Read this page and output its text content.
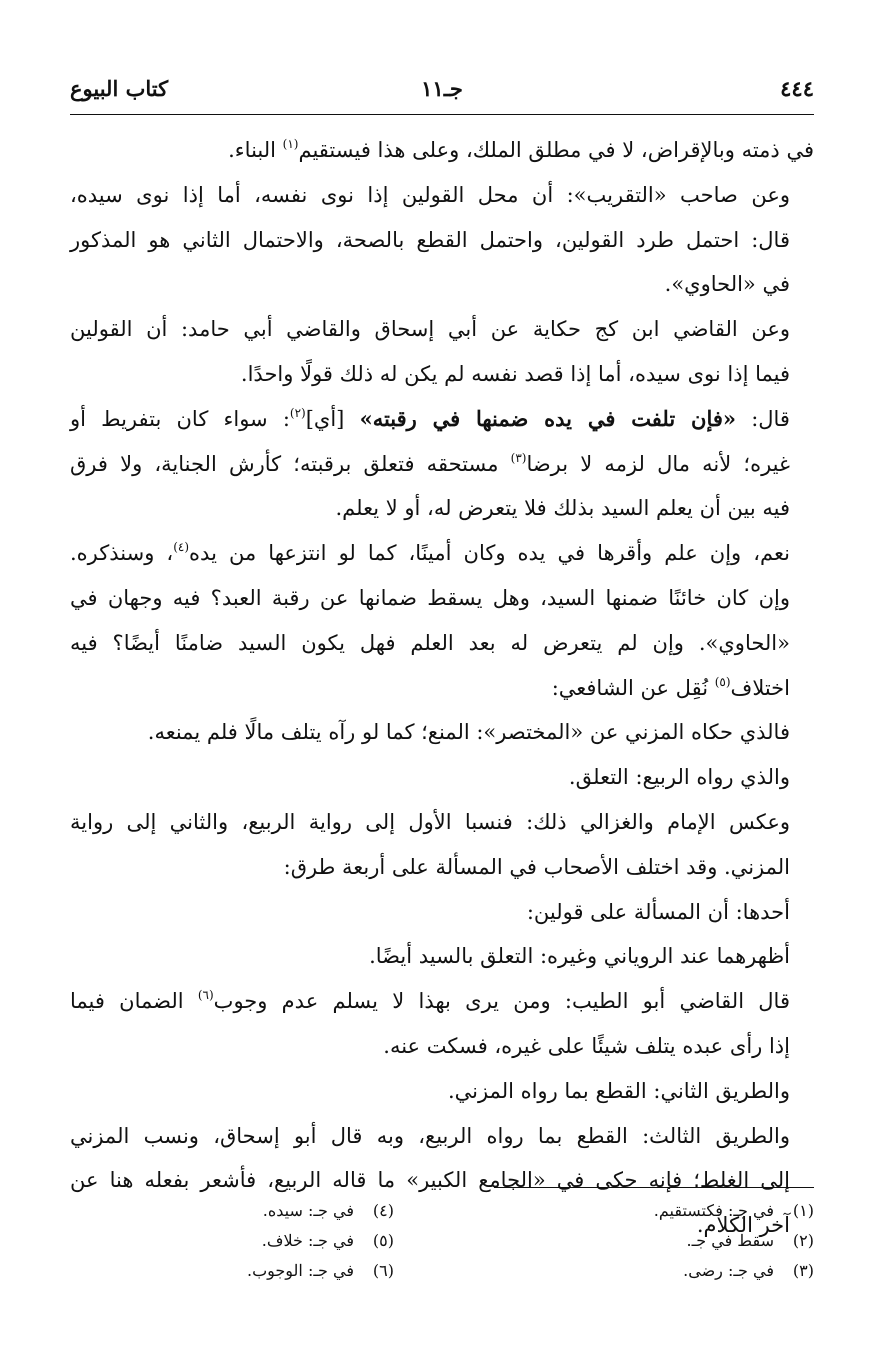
٤٤٤
جـ١١
كتاب البيوع

في ذمته وبالإقراض، لا في مطلق الملك، وعلى هذا فيستقيم$^{(١)}$ البناء.

وعن صاحب «التقريب»: أن محل القولين إذا نوى نفسه، أما إذا نوى سيده،
قال: احتمل طرد القولين، واحتمل القطع بالصحة، والاحتمال الثاني هو المذكور
في «الحاوي».

وعن القاضي ابن كج حكاية عن أبي إسحاق والقاضي أبي حامد: أن القولين
فيما إذا نوى سيده، أما إذا قصد نفسه لم يكن له ذلك قولًا واحدًا.

قال: «فإن تلفت في يده ضمنها في رقبته» [أي]$^{(٢)}$: سواء كان بتفريط أو
غيره؛ لأنه مال لزمه لا برضا$^{(٣)}$ مستحقه فتعلق برقبته؛ كأرش الجناية، ولا فرق
فيه بين أن يعلم السيد بذلك فلا يتعرض له، أو لا يعلم.

نعم، وإن علم وأقرها في يده وكان أمينًا، كما لو انتزعها من يده$^{(٤)}$، وسنذكره.
وإن كان خائنًا ضمنها السيد، وهل يسقط ضمانها عن رقبة العبد؟ فيه وجهان في
«الحاوي». وإن لم يتعرض له بعد العلم فهل يكون السيد ضامنًا أيضًا؟ فيه
اختلاف$^{(٥)}$ نُقِل عن الشافعي:

فالذي حكاه المزني عن «المختصر»: المنع؛ كما لو رآه يتلف مالًا فلم يمنعه.

والذي رواه الربيع: التعلق.

وعكس الإمام والغزالي ذلك: فنسبا الأول إلى رواية الربيع، والثاني إلى رواية
المزني. وقد اختلف الأصحاب في المسألة على أربعة طرق:

أحدها: أن المسألة على قولين:

أظهرهما عند الروياني وغيره: التعلق بالسيد أيضًا.

قال القاضي أبو الطيب: ومن يرى بهذا لا يسلم عدم وجوب$^{(٦)}$ الضمان فيما
إذا رأى عبده يتلف شيئًا على غيره، فسكت عنه.

والطريق الثاني: القطع بما رواه المزني.

والطريق الثالث: القطع بما رواه الربيع، وبه قال أبو إسحاق، ونسب المزني
إلى الغلط؛ فإنه حكى في «الجامع الكبير» ما قاله الربيع، فأشعر بفعله هنا عن
آخر الكلام.

(١)في جـ: فكتستقيم.
(٢)سقط في جـ.
(٣)في جـ: رضى.
(٤)في جـ: سيده.
(٥)في جـ: خلاف.
(٦)في جـ: الوجوب.
